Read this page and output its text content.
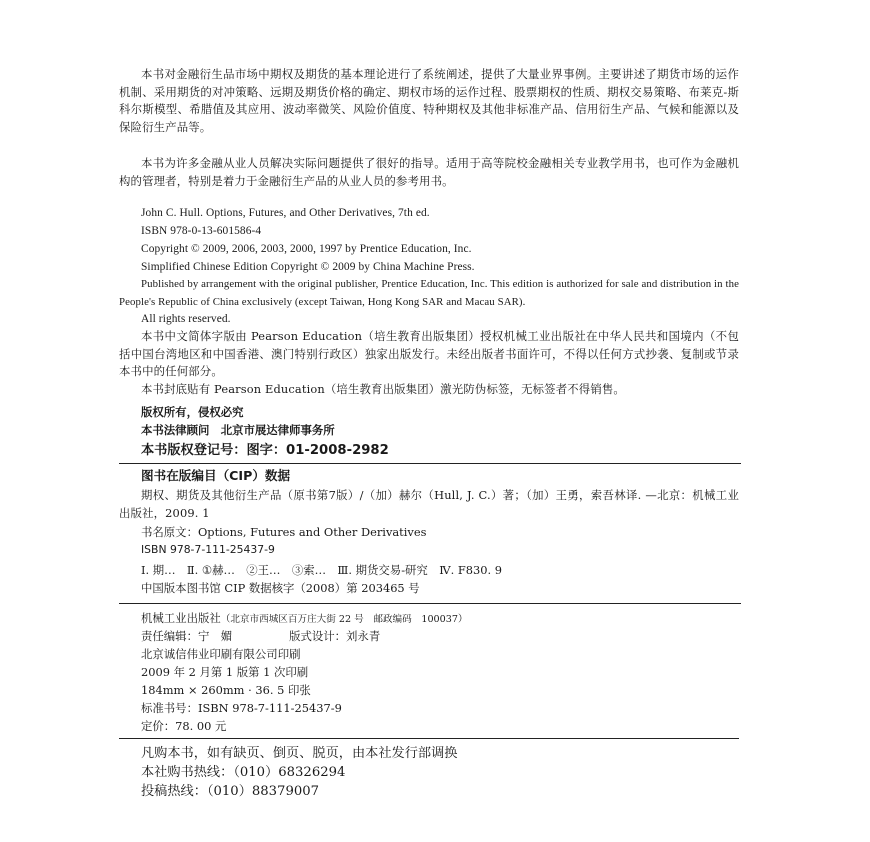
本书对金融衍生品市场中期权及期货的基本理论进行了系统阐述，提供了大量业界事例。主要讲述了期货市场的运作机制、采用期货的对冲策略、远期及期货价格的确定、期权市场的运作过程、股票期权的性质、期权交易策略、布莱克-斯科尔斯模型、希腊值及其应用、波动率微笑、风险价值度、特种期权及其他非标准产品、信用衍生产品、气候和能源以及保险衍生产品等。

本书为许多金融从业人员解决实际问题提供了很好的指导。适用于高等院校金融相关专业教学用书，也可作为金融机构的管理者，特别是着力于金融衍生产品的从业人员的参考用书。

John C. Hull. Options, Futures, and Other Derivatives, 7th ed.

ISBN 978-0-13-601586-4

Copyright © 2009, 2006, 2003, 2000, 1997 by Prentice Education, Inc.

Simplified Chinese Edition Copyright © 2009 by China Machine Press.

Published by arrangement with the original publisher, Prentice Education, Inc. This edition is authorized for sale and distribution in the People's Republic of China exclusively (except Taiwan, Hong Kong SAR and Macau SAR).

All rights reserved.

本书中文简体字版由 Pearson Education（培生教育出版集团）授权机械工业出版社在中华人民共和国境内（不包括中国台湾地区和中国香港、澳门特别行政区）独家出版发行。未经出版者书面许可，不得以任何方式抄袭、复制或节录本书中的任何部分。

本书封底贴有 Pearson Education（培生教育出版集团）激光防伪标签，无标签者不得销售。

版权所有，侵权必究

本书法律顾问　北京市展达律师事务所

本书版权登记号：图字：01-2008-2982

图书在版编目（CIP）数据

期权、期货及其他衍生产品（原书第7版）/（加）赫尔（Hull, J. C.）著；（加）王勇，索吾林译. —北京：机械工业出版社，2009. 1

书名原文：Options, Futures and Other Derivatives

ISBN 978-7-111-25437-9

Ⅰ. 期…　Ⅱ. ①赫…　②王…　③索…　Ⅲ. 期货交易-研究　Ⅳ. F830. 9

中国版本图书馆 CIP 数据核字（2008）第 203465 号

机械工业出版社（北京市西城区百万庄大街 22 号　邮政编码　100037）

责任编辑：宁　媚　　　　　版式设计：刘永青

北京诚信伟业印刷有限公司印刷

2009 年 2 月第 1 版第 1 次印刷

184mm × 260mm · 36. 5 印张

标准书号：ISBN 978-7-111-25437-9

定价：78. 00 元

凡购本书，如有缺页、倒页、脱页，由本社发行部调换

本社购书热线：（010）68326294

投稿热线：（010）88379007
